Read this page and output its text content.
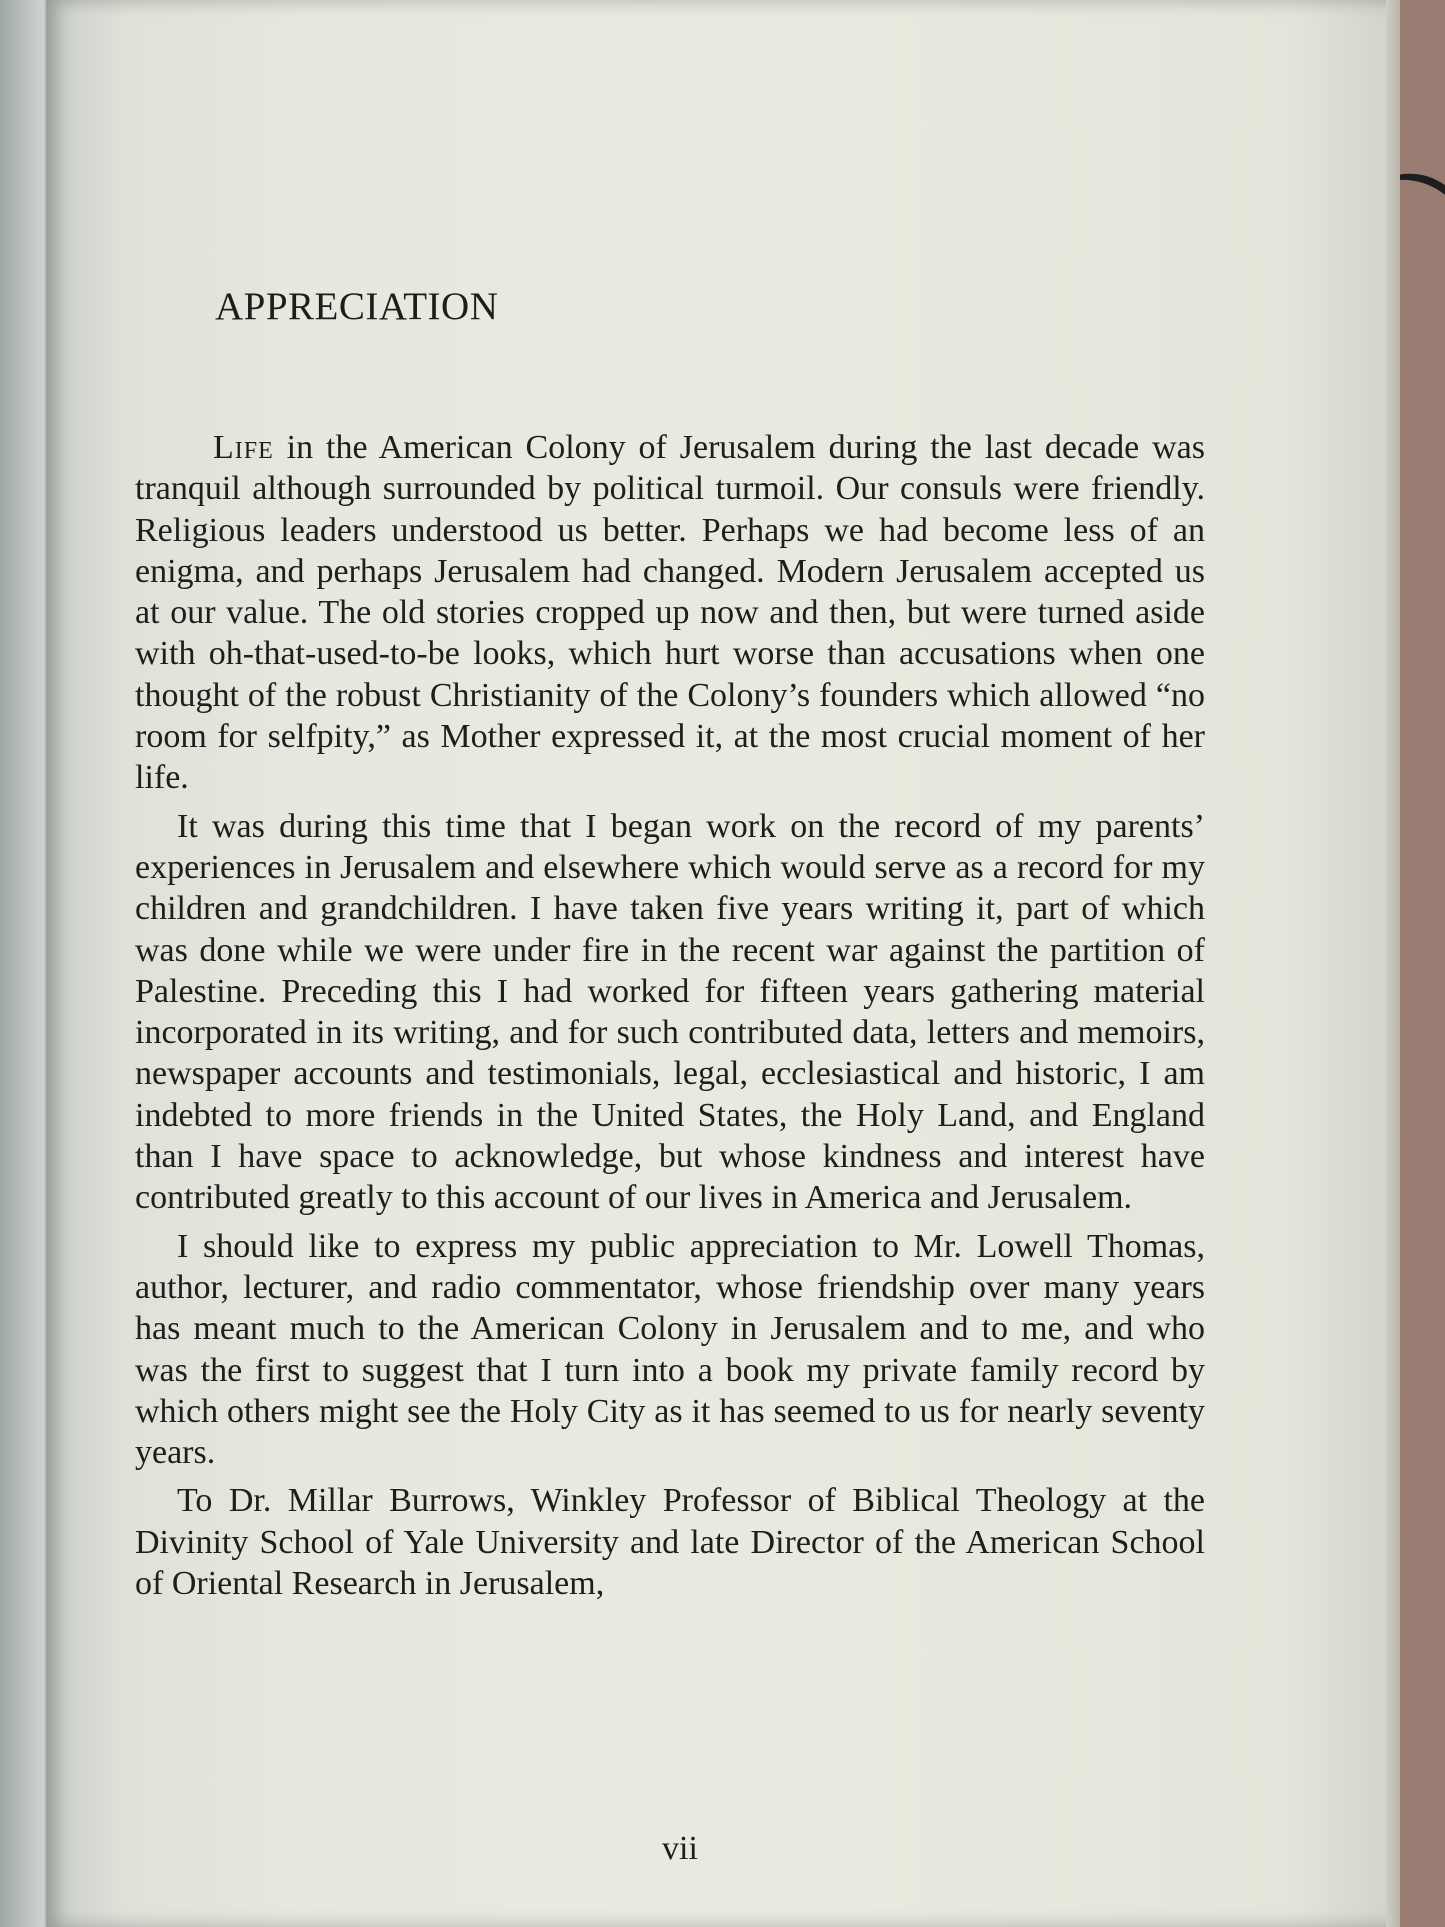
APPRECIATION

Life in the American Colony of Jerusalem during the last decade was tranquil although surrounded by political turmoil. Our consuls were friendly. Religious leaders understood us better. Perhaps we had become less of an enigma, and perhaps Jerusalem had changed. Modern Jerusalem accepted us at our value. The old stories cropped up now and then, but were turned aside with oh-that-used-to-be looks, which hurt worse than accusations when one thought of the robust Christianity of the Colony’s founders which allowed “no room for selfpity,” as Mother expressed it, at the most crucial moment of her life.

It was during this time that I began work on the record of my parents’ experiences in Jerusalem and elsewhere which would serve as a record for my children and grandchildren. I have taken five years writing it, part of which was done while we were under fire in the recent war against the partition of Palestine. Preceding this I had worked for fifteen years gathering material incorporated in its writing, and for such contributed data, letters and memoirs, newspaper accounts and testimonials, legal, ecclesiastical and historic, I am indebted to more friends in the United States, the Holy Land, and England than I have space to acknowledge, but whose kindness and interest have contributed greatly to this account of our lives in America and Jerusalem.

I should like to express my public appreciation to Mr. Lowell Thomas, author, lecturer, and radio commentator, whose friendship over many years has meant much to the American Colony in Jerusalem and to me, and who was the first to suggest that I turn into a book my private family record by which others might see the Holy City as it has seemed to us for nearly seventy years.

To Dr. Millar Burrows, Winkley Professor of Biblical Theology at the Divinity School of Yale University and late Director of the American School of Oriental Research in Jerusalem,

vii
